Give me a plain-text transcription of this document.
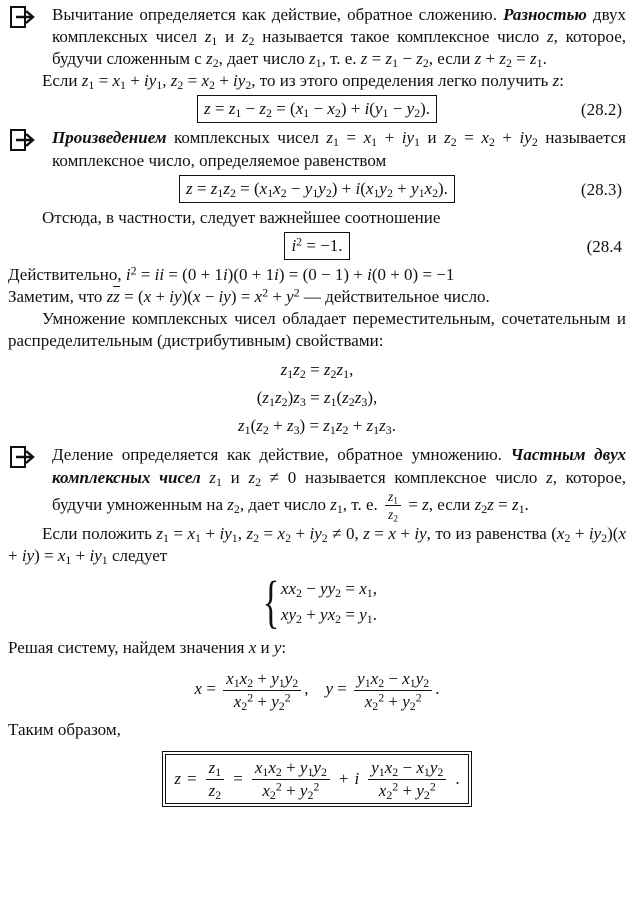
Вычитание определяется как действие, обратное сложению. Разностью двух комплексных чисел $z_1$ и $z_2$ называется такое комплексное число z, которое, будучи сложенным с $z_2$, дает число $z_1$, т. е. $z = z_1 - z_2$, если $z + z_2 = z_1$.

Если $z_1 = x_1 + iy_1$, $z_2 = x_2 + iy_2$, то из этого определения легко получить z:

$z = z_1 - z_2 = (x_1 - x_2) + i(y_1 - y_2)$.	(28.2)

Произведением комплексных чисел $z_1 = x_1 + iy_1$ и $z_2 = x_2 + iy_2$ называется комплексное число, определяемое равенством

$z = z_1z_2 = (x_1x_2 - y_1y_2) + i(x_1y_2 + y_1x_2)$.	(28.3)

Отсюда, в частности, следует важнейшее соотношение

$i^2 = -1$.	(28.4

Действительно, $i^2$ = ii = (0 + 1i)(0 + 1i) = (0 − 1) + i(0 + 0) = −1

Заметим, что $z\overline{z} = (x + iy)(x - iy) = x^2 + y^2$ — действительное число.

Умножение комплексных чисел обладает переместительным, сочетательным и распределительным (дистрибутивным) свойствами:

$z_1z_2 = z_2z_1$,
$(z_1z_2)z_3 = z_1(z_2z_3)$,
$z_1(z_2 + z_3) = z_1z_2 + z_1z_3$.

Деление определяется как действие, обратное умножению. Частным двух комплексных чисел $z_1$ и $z_2 \ne 0$ называется комплексное число z, которое, будучи умноженным на $z_2$, дает число $z_1$, т. е. $\frac{z_1}{z_2} = z$, если $z_2z = z_1$.

Если положить $z_1 = x_1 + iy_1$, $z_2 = x_2 + iy_2 \ne 0$, z = x + iy, то из равенства $(x_2 + iy_2)(x + iy) = x_1 + iy_1$ следует

{ $xx_2 - yy_2 = x_1$,
$xy_2 + yx_2 = y_1$.

Решая систему, найдем значения x и y:

$x = \frac{x_1x_2 + y_1y_2}{x_2^2 + y_2^2}$ ,    $y = \frac{y_1x_2 - x_1y_2}{x_2^2 + y_2^2}$ .

Таким образом,

$z = \frac{z_1}{z_2} = \frac{x_1x_2 + y_1y_2}{x_2^2 + y_2^2} + i \frac{y_1x_2 - x_1y_2}{x_2^2 + y_2^2}$ .
